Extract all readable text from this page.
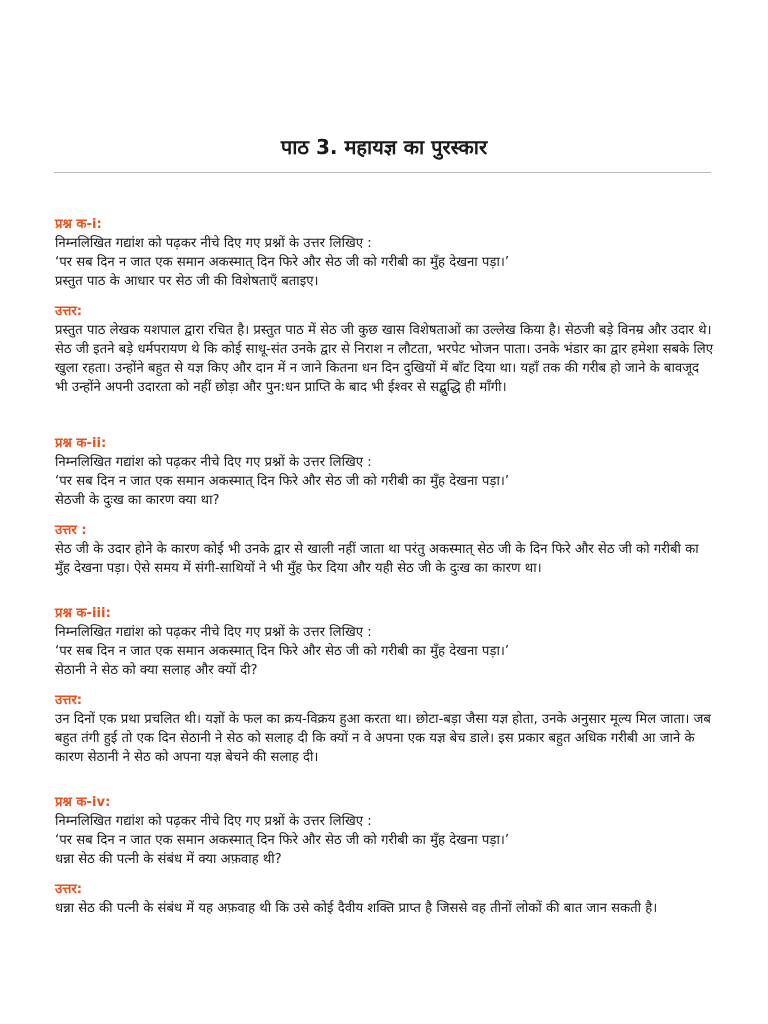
पाठ 3. महायज्ञ का पुरस्कार

प्रश्न क-i:

निम्नलिखित गद्यांश को पढ़कर नीचे दिए गए प्रश्नों के उत्तर लिखिए :

‘पर सब दिन न जात एक समान अकस्मात् दिन फिरे और सेठ जी को गरीबी का मुँह देखना पड़ा।’

प्रस्तुत पाठ के आधार पर सेठ जी की विशेषताएँ बताइए।

उत्तर:

प्रस्तुत पाठ लेखक यशपाल द्वारा रचित है। प्रस्तुत पाठ में सेठ जी कुछ खास विशेषताओं का उल्लेख किया है। सेठजी बड़े विनम्र और उदार थे। सेठ जी इतने बड़े धर्मपरायण थे कि कोई साधू-संत उनके द्वार से निराश न लौटता, भरपेट भोजन पाता। उनके भंडार का द्वार हमेशा सबके लिए खुला रहता। उन्होंने बहुत से यज्ञ किए और दान में न जाने कितना धन दिन दुखियों में बाँट दिया था। यहाँ तक की गरीब हो जाने के बावजूद भी उन्होंने अपनी उदारता को नहीं छोड़ा और पुन:धन प्राप्ति के बाद भी ईश्वर से सद्बुद्धि ही माँगी।

प्रश्न क-ii:

निम्नलिखित गद्यांश को पढ़कर नीचे दिए गए प्रश्नों के उत्तर लिखिए :

‘पर सब दिन न जात एक समान अकस्मात् दिन फिरे और सेठ जी को गरीबी का मुँह देखना पड़ा।’

सेठजी के दुःख का कारण क्या था?

उत्तर :

सेठ जी के उदार होने के कारण कोई भी उनके द्वार से खाली नहीं जाता था परंतु अकस्मात् सेठ जी के दिन फिरे और सेठ जी को गरीबी का मुँह देखना पड़ा। ऐसे समय में संगी-साथियों ने भी मुँह फेर दिया और यही सेठ जी के दुःख का कारण था।

प्रश्न क-iii:

निम्नलिखित गद्यांश को पढ़कर नीचे दिए गए प्रश्नों के उत्तर लिखिए :

‘पर सब दिन न जात एक समान अकस्मात् दिन फिरे और सेठ जी को गरीबी का मुँह देखना पड़ा।’

सेठानी ने सेठ को क्या सलाह और क्यों दी?

उत्तर:

उन दिनों एक प्रथा प्रचलित थी। यज्ञों के फल का क्रय-विक्रय हुआ करता था। छोटा-बड़ा जैसा यज्ञ होता, उनके अनुसार मूल्य मिल जाता। जब बहुत तंगी हुई तो एक दिन सेठानी ने सेठ को सलाह दी कि क्यों न वे अपना एक यज्ञ बेच डाले। इस प्रकार बहुत अधिक गरीबी आ जाने के कारण सेठानी ने सेठ को अपना यज्ञ बेचने की सलाह दी।

प्रश्न क-iv:

निम्नलिखित गद्यांश को पढ़कर नीचे दिए गए प्रश्नों के उत्तर लिखिए :

‘पर सब दिन न जात एक समान अकस्मात् दिन फिरे और सेठ जी को गरीबी का मुँह देखना पड़ा।’

धन्ना सेठ की पत्नी के संबंध में क्या अफ़वाह थी?

उत्तर:

धन्ना सेठ की पत्नी के संबंध में यह अफ़वाह थी कि उसे कोई दैवीय शक्ति प्राप्त है जिससे वह तीनों लोकों की बात जान सकती है।
